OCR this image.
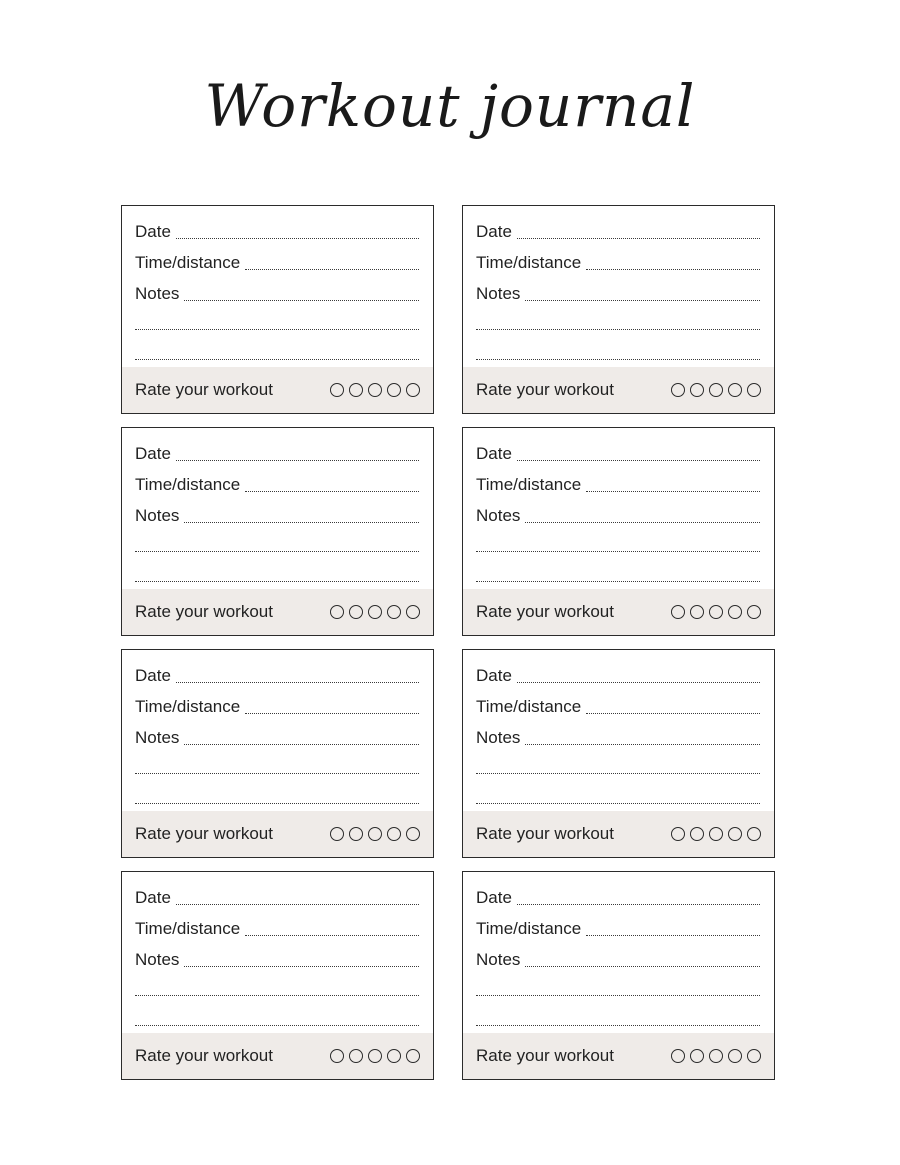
Workout journal
Date
Time/distance
Notes
Rate your workout
Date
Time/distance
Notes
Rate your workout
Date
Time/distance
Notes
Rate your workout
Date
Time/distance
Notes
Rate your workout
Date
Time/distance
Notes
Rate your workout
Date
Time/distance
Notes
Rate your workout
Date
Time/distance
Notes
Rate your workout
Date
Time/distance
Notes
Rate your workout
